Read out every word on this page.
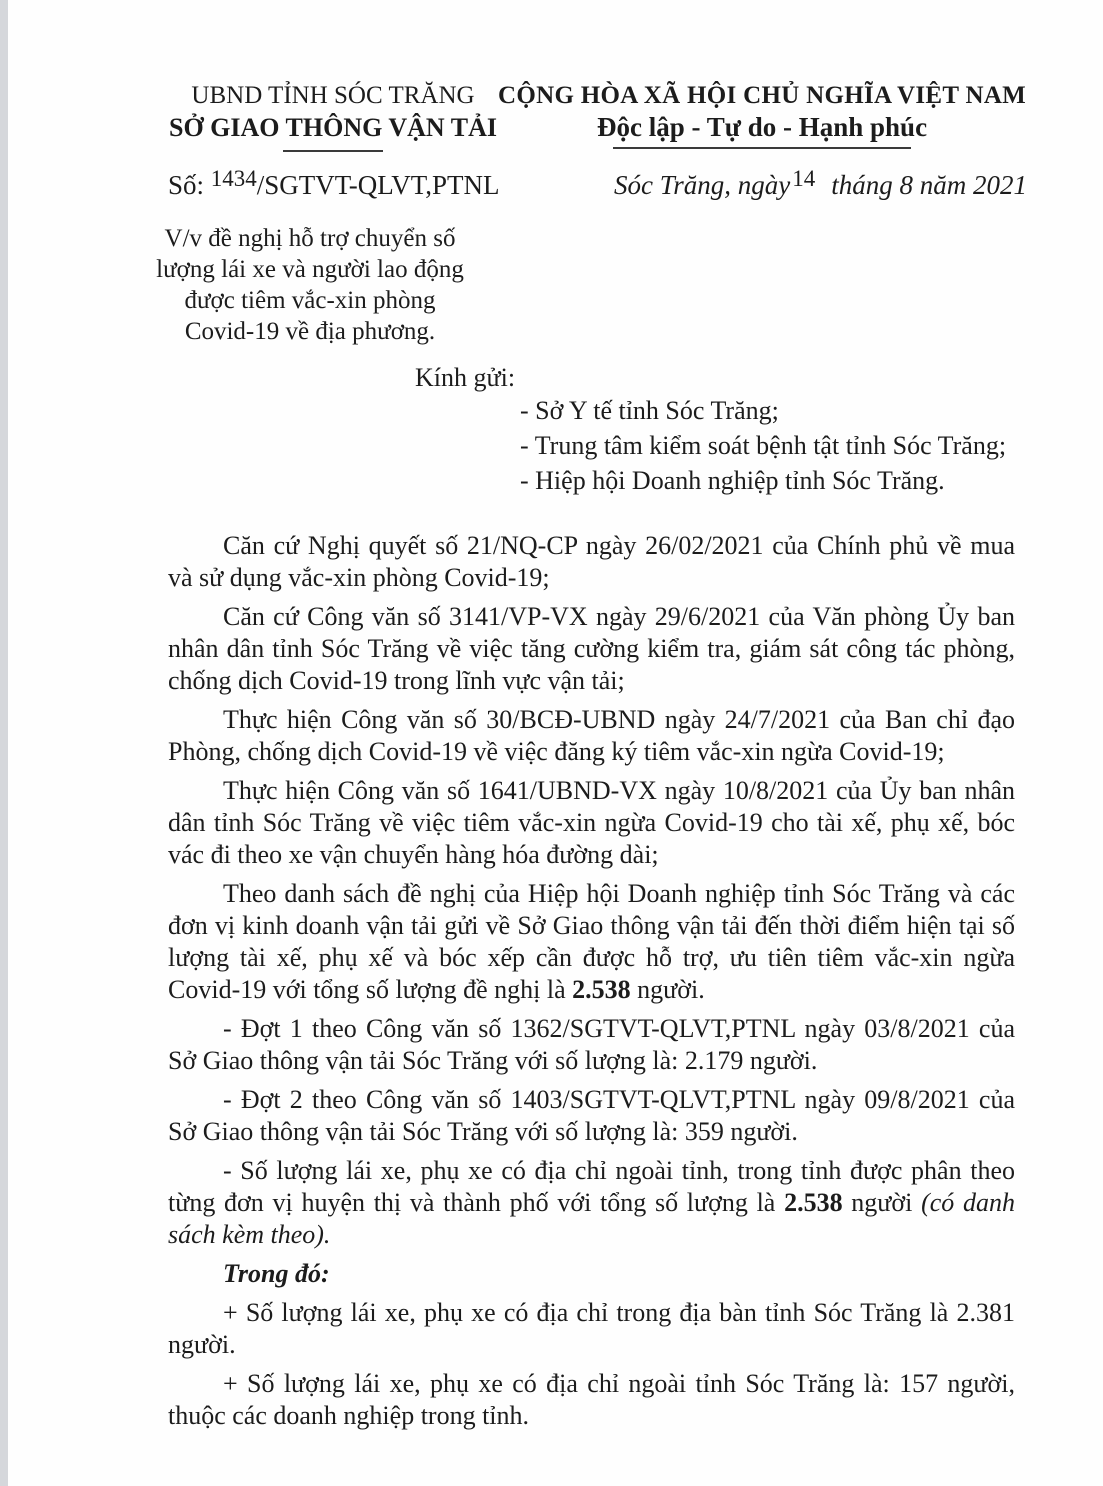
UBND TỈNH SÓC TRĂNG
SỞ GIAO THÔNG VẬN TẢI
CỘNG HÒA XÃ HỘI CHỦ NGHĨA VIỆT NAM
Độc lập - Tự do - Hạnh phúc
Số: 1434/SGTVT-QLVT,PTNL	Sóc Trăng, ngày14 tháng 8 năm 2021
V/v đề nghị hỗ trợ chuyển số
lượng lái xe và người lao động
được tiêm vắc-xin phòng
Covid-19 về địa phương.
Kính gửi:
- Sở Y tế tỉnh Sóc Trăng;
- Trung tâm kiểm soát bệnh tật tỉnh Sóc Trăng;
- Hiệp hội Doanh nghiệp tỉnh Sóc Trăng.

Căn cứ Nghị quyết số 21/NQ-CP ngày 26/02/2021 của Chính phủ về mua và sử dụng vắc-xin phòng Covid-19;

Căn cứ Công văn số 3141/VP-VX ngày 29/6/2021 của Văn phòng Ủy ban nhân dân tỉnh Sóc Trăng về việc tăng cường kiểm tra, giám sát công tác phòng, chống dịch Covid-19 trong lĩnh vực vận tải;

Thực hiện Công văn số 30/BCĐ-UBND ngày 24/7/2021 của Ban chỉ đạo Phòng, chống dịch Covid-19 về việc đăng ký tiêm vắc-xin ngừa Covid-19;

Thực hiện Công văn số 1641/UBND-VX ngày 10/8/2021 của Ủy ban nhân dân tỉnh Sóc Trăng về việc tiêm vắc-xin ngừa Covid-19 cho tài xế, phụ xế, bóc vác đi theo xe vận chuyển hàng hóa đường dài;

Theo danh sách đề nghị của Hiệp hội Doanh nghiệp tỉnh Sóc Trăng và các đơn vị kinh doanh vận tải gửi về Sở Giao thông vận tải đến thời điểm hiện tại số lượng tài xế, phụ xế và bóc xếp cần được hỗ trợ, ưu tiên tiêm vắc-xin ngừa Covid-19 với tổng số lượng đề nghị là 2.538 người.

- Đợt 1 theo Công văn số 1362/SGTVT-QLVT,PTNL ngày 03/8/2021 của Sở Giao thông vận tải Sóc Trăng với số lượng là: 2.179 người.

- Đợt 2 theo Công văn số 1403/SGTVT-QLVT,PTNL ngày 09/8/2021 của Sở Giao thông vận tải Sóc Trăng với số lượng là: 359 người.

- Số lượng lái xe, phụ xe có địa chỉ ngoài tỉnh, trong tỉnh được phân theo từng đơn vị huyện thị và thành phố với tổng số lượng là 2.538 người (có danh sách kèm theo).

Trong đó:

+ Số lượng lái xe, phụ xe có địa chỉ trong địa bàn tỉnh Sóc Trăng là 2.381 người.

+ Số lượng lái xe, phụ xe có địa chỉ ngoài tỉnh Sóc Trăng là: 157 người, thuộc các doanh nghiệp trong tỉnh.
